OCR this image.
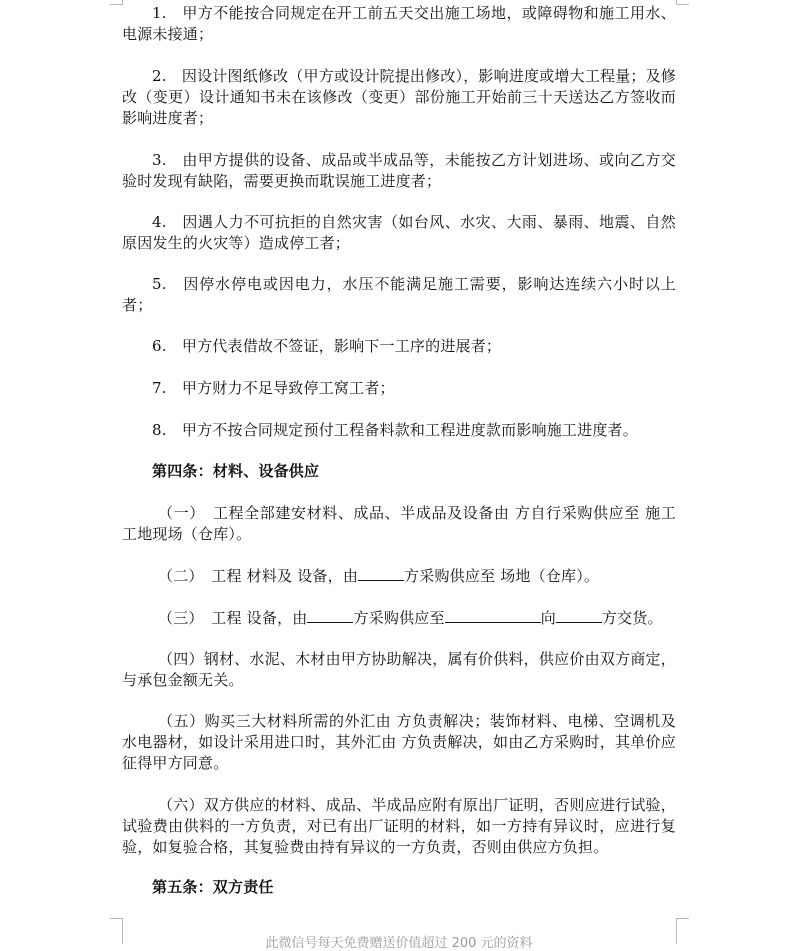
1.　甲方不能按合同规定在开工前五天交出施工场地，或障碍物和施工用水、电源未接通；
2.　因设计图纸修改（甲方或设计院提出修改），影响进度或增大工程量；及修改（变更）设计通知书未在该修改（变更）部份施工开始前三十天送达乙方签收而影响进度者；
3.　由甲方提供的设备、成品或半成品等，未能按乙方计划进场、或向乙方交验时发现有缺陷，需要更换而耽误施工进度者；
4.　因遇人力不可抗拒的自然灾害（如台风、水灾、大雨、暴雨、地震、自然原因发生的火灾等）造成停工者；
5.　因停水停电或因电力，水压不能满足施工需要，影响达连续六小时以上者；
6.　甲方代表借故不签证，影响下一工序的进展者；
7.　甲方财力不足导致停工窝工者；
8.　甲方不按合同规定预付工程备料款和工程进度款而影响施工进度者。
第四条：材料、设备供应
（一）　工程全部建安材料、成品、半成品及设备由 方自行采购供应至 施工工地现场（仓库）。
（二）　工程 材料及 设备，由	方采购供应至 场地（仓库）。
（三）　工程 设备，由	方采购供应至	向	方交货。
（四）钢材、水泥、木材由甲方协助解决，属有价供料，供应价由双方商定，与承包金额无关。
（五）购买三大材料所需的外汇由 方负责解决；装饰材料、电梯、空调机及水电器材，如设计采用进口时，其外汇由 方负责解决，如由乙方采购时，其单价应征得甲方同意。
（六）双方供应的材料、成品、半成品应附有原出厂证明，否则应进行试验，试验费由供料的一方负责，对已有出厂证明的材料，如一方持有异议时，应进行复验，如复验合格，其复验费由持有异议的一方负责，否则由供应方负担。
第五条：双方责任
此微信号每天免费赠送价值超过 200 元的资料
